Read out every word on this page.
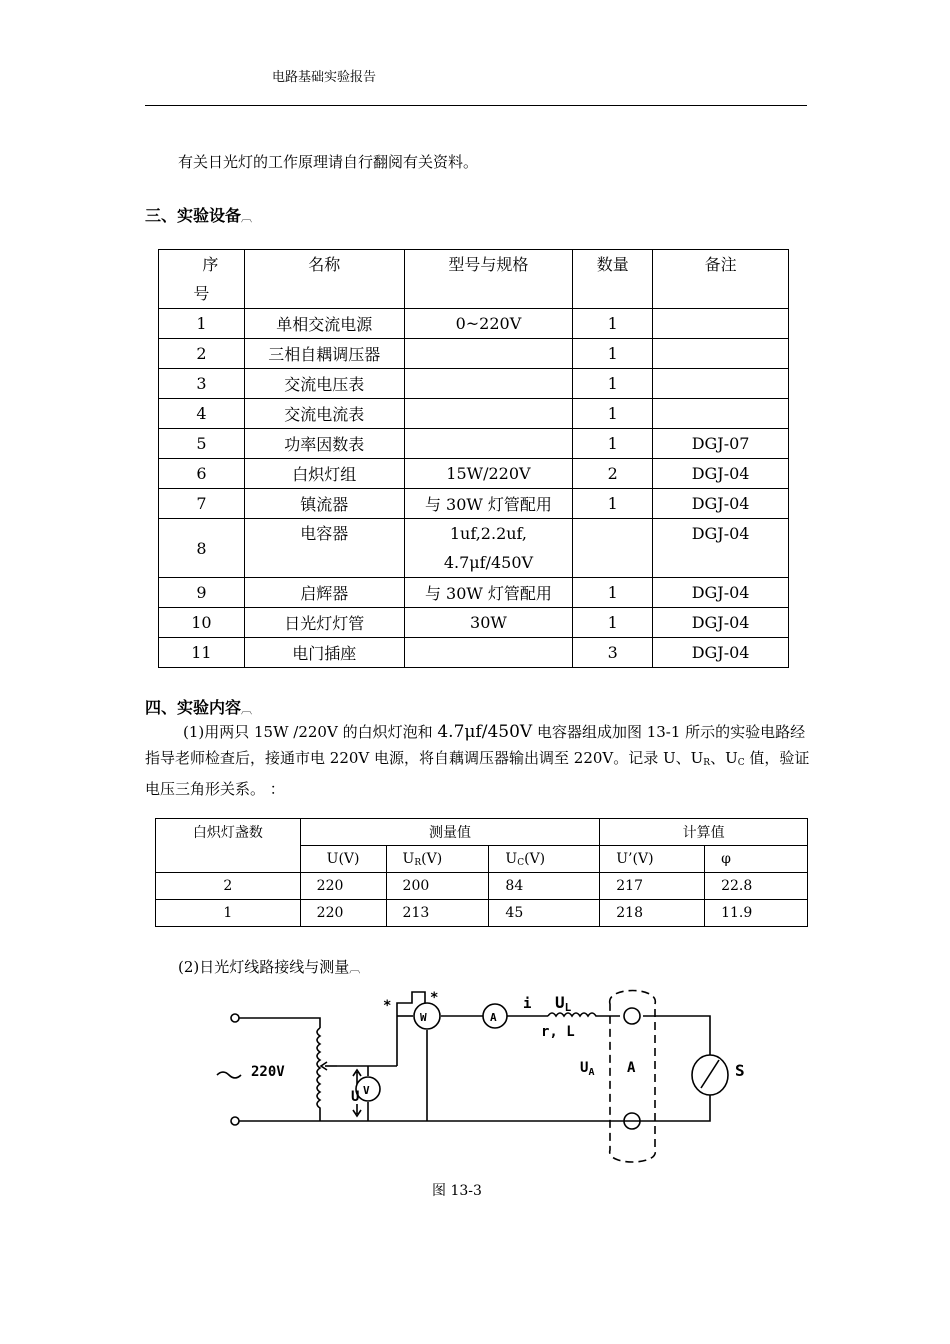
电路基础实验报告
有关日光灯的工作原理请自行翻阅有关资料。
三、实验设备︹
序
号	名称	型号与规格	数量	备注
1	单相交流电源	0~220V	1	
2	三相自耦调压器		1	
3	交流电压表		1	
4	交流电流表		1	
5	功率因数表		1	DGJ-07
6	白炽灯组	15W/220V	2	DGJ-04
7	镇流器	与 30W 灯管配用	1	DGJ-04
8	电容器	1uf,2.2uf,
4.7μf/450V		DGJ-04
9	启辉器	与 30W 灯管配用	1	DGJ-04
10	日光灯灯管	30W	1	DGJ-04
11	电门插座		3	DGJ-04
四、实验内容︹

(1)用两只 15W /220V 的白炽灯泡和 4.7μf/450V 电容器组成加图 13-1 所示的实验电路经指导老师检查后，接通市电 220V 电源，将自藕调压器输出调至 220V。记录 U、$U_R$、$U_C$ 值，验证电压三角形关系。 ：

白炽灯盏数	测量值			计算值	
	U(V)	$U_R(V)$	$U_C(V)$	U’(V)	φ
2	220	200	84	217	22.8
1	220	213	45	218	11.9
(2)日光灯线路接线与测量︹
220V
U
W	A
V
*	*	i UL
r, L
$U_A$ A	S
图 13-3
